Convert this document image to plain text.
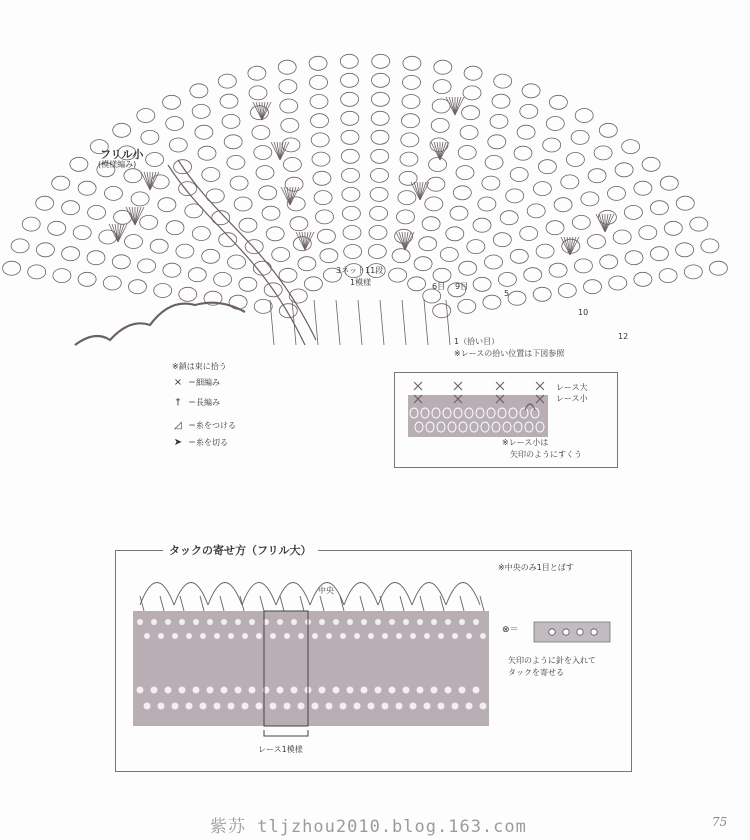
フリル小
(模様編み)
3ネット11段
1模様	6目 9目
5
10
12
1（拾い目）
※レースの拾い位置は下図参照
※鎖は束に拾う
× ＝細編み
† ＝長編み
◿ ＝糸をつける
➤ ＝糸を切る
レース大
レース小
※レース小は
矢印のようにすくう
タックの寄せ方（フリル大）
中央
レース1模様
※中央のみ1目とばす
⊗＝
矢印のように針を入れて
タックを寄せる
紫苏 tljzhou2010.blog.163.com	75
